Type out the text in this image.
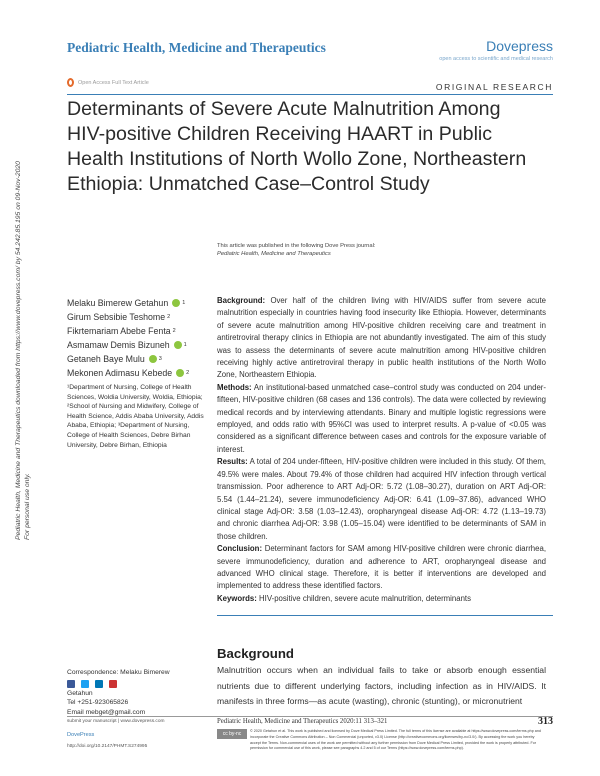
Pediatric Health, Medicine and Therapeutics	Dovepress
open access to scientific and medical research
Open Access Full Text Article	ORIGINAL RESEARCH
Determinants of Severe Acute Malnutrition Among HIV-positive Children Receiving HAART in Public Health Institutions of North Wollo Zone, Northeastern Ethiopia: Unmatched Case–Control Study
Pediatric Health, Medicine and Therapeutics downloaded from https://www.dovepress.com/ by 54.242.85.195 on 09-Nov-2020 For personal use only.
This article was published in the following Dove Press journal:
Pediatric Health, Medicine and Therapeutics
Melaku Bimerew Getahun	1
Girum Sebsibie Teshome 2
Fikrtemariam Abebe Fenta 2
Asmamaw Demis Bizuneh	1
Getaneh Baye Mulu	3
Mekonen Adimasu Kebede	2
¹Department of Nursing, College of Health Sciences, Woldia University, Woldia, Ethiopia; ²School of Nursing and Midwifery, College of Health Science, Addis Ababa University, Addis Ababa, Ethiopia; ³Department of Nursing, College of Health Sciences, Debre Birhan University, Debre Birhan, Ethiopia

Background: Over half of the children living with HIV/AIDS suffer from severe acute malnutrition especially in countries having food insecurity like Ethiopia. However, determinants of severe acute malnutrition among HIV-positive children receiving care and treatment in antiretroviral therapy clinics in Ethiopia are not abundantly investigated. The aim of this study was to assess the determinants of severe acute malnutrition among HIV-positive children receiving highly active antiretroviral therapy in public health institutions of the North Wollo Zone, Northeastern Ethiopia.

Methods: An institutional-based unmatched case–control study was conducted on 204 under-fifteen, HIV-positive children (68 cases and 136 controls). The data were collected by reviewing medical records and by interviewing attendants. Binary and multiple logistic regressions were employed, and odds ratio with 95%CI was used to interpret results. A p-value of <0.05 was considered as a significant difference between cases and controls for the exposure variable of interest.

Results: A total of 204 under-fifteen, HIV-positive children were included in this study. Of them, 49.5% were males. About 79.4% of those children had acquired HIV infection through vertical transmission. Poor adherence to ART Adj-OR: 5.72 (1.08–30.27), duration on ART Adj-OR: 5.54 (1.44–21.24), severe immunodeficiency Adj-OR: 6.41 (1.09–37.86), advanced WHO clinical stage Adj-OR: 3.58 (1.03–12.43), oropharyngeal disease Adj-OR: 4.72 (1.13–19.73) and chronic diarrhea Adj-OR: 3.98 (1.05–15.04) were identified to be determinants of SAM in those children.

Conclusion: Determinant factors for SAM among HIV-positive children were chronic diarrhea, severe immunodeficiency, duration and adherence to ART, oropharyngeal disease and advanced WHO clinical stage. Therefore, it is better if interventions are developed and implemented to address these identified factors.

Keywords: HIV-positive children, severe acute malnutrition, determinants

Background
Malnutrition occurs when an individual fails to take or absorb enough essential nutrients due to different underlying factors, including infection as in HIV/AIDS. It manifests in three forms—as acute (wasting), chronic (stunting), or micronutrient
Correspondence: Melaku Bimerew
Getahun
Tel +251-923065826
Email mebget@gmail.com
submit your manuscript | www.dovepress.com
DovePress
http://doi.org/10.2147/PHMT.S274995
Pediatric Health, Medicine and Therapeutics 2020:11 313–321	313
cc by-nc	© 2020 Getahun et al. This work is published and licensed by Dove Medical Press Limited. The full terms of this license are available at https://www.dovepress.com/terms.php and incorporate the Creative Commons Attribution – Non Commercial (unported, v3.0) License (http://creativecommons.org/licenses/by-nc/3.0/). By accessing the work you hereby accept the Terms. Non-commercial uses of the work are permitted without any further permission from Dove Medical Press Limited, provided the work is properly attributed. For permission for commercial use of this work, please see paragraphs 4.2 and 5 of our Terms (https://www.dovepress.com/terms.php).
